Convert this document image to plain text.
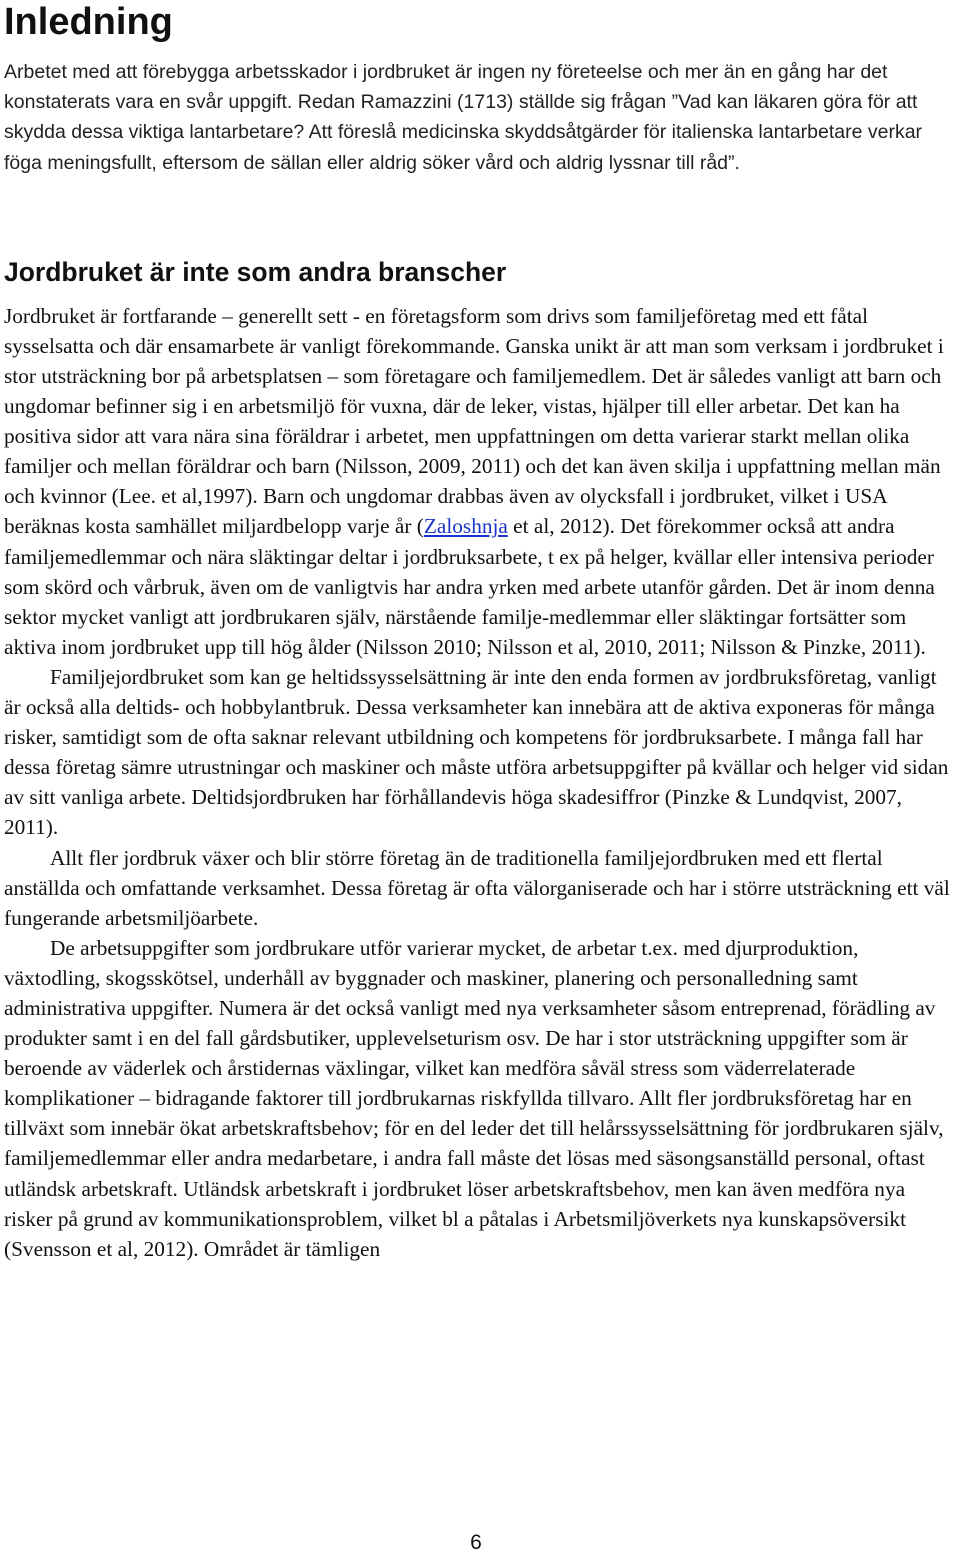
Inledning

Arbetet med att förebygga arbetsskador i jordbruket är ingen ny företeelse och mer än en gång har det konstaterats vara en svår uppgift. Redan Ramazzini (1713) ställde sig frågan ”Vad kan läkaren göra för att skydda dessa viktiga lantarbetare? Att föreslå medicinska skyddsåtgärder för italienska lantarbetare verkar föga meningsfullt, eftersom de sällan eller aldrig söker vård och aldrig lyssnar till råd”.

Jordbruket är inte som andra branscher

Jordbruket är fortfarande – generellt sett - en företagsform som drivs som familjeföretag med ett fåtal sysselsatta och där ensamarbete är vanligt förekommande. Ganska unikt är att man som verksam i jordbruket i stor utsträckning bor på arbetsplatsen – som företagare och familjemedlem. Det är således vanligt att barn och ungdomar befinner sig i en arbetsmiljö för vuxna, där de leker, vistas, hjälper till eller arbetar. Det kan ha positiva sidor att vara nära sina föräldrar i arbetet, men uppfattningen om detta varierar starkt mellan olika familjer och mellan föräldrar och barn (Nilsson, 2009, 2011) och det kan även skilja i uppfattning mellan män och kvinnor (Lee. et al,1997). Barn och ungdomar drabbas även av olycksfall i jordbruket, vilket i USA beräknas kosta samhället miljardbelopp varje år (Zaloshnja et al, 2012). Det förekommer också att andra familjemedlemmar och nära släktingar deltar i jordbruksarbete, t ex på helger, kvällar eller intensiva perioder som skörd och vårbruk, även om de vanligtvis har andra yrken med arbete utanför gården. Det är inom denna sektor mycket vanligt att jordbrukaren själv, närstående familje-medlemmar eller släktingar fortsätter som aktiva inom jordbruket upp till hög ålder (Nilsson 2010; Nilsson et al, 2010, 2011; Nilsson & Pinzke, 2011).

Familjejordbruket som kan ge heltidssysselsättning är inte den enda formen av jordbruksföretag, vanligt är också alla deltids- och hobbylantbruk. Dessa verksamheter kan innebära att de aktiva exponeras för många risker, samtidigt som de ofta saknar relevant utbildning och kompetens för jordbruksarbete. I många fall har dessa företag sämre utrustningar och maskiner och måste utföra arbetsuppgifter på kvällar och helger vid sidan av sitt vanliga arbete. Deltidsjordbruken har förhållandevis höga skadesiffror (Pinzke & Lundqvist, 2007, 2011).

Allt fler jordbruk växer och blir större företag än de traditionella familjejordbruken med ett flertal anställda och omfattande verksamhet. Dessa företag är ofta välorganiserade och har i större utsträckning ett väl fungerande arbetsmiljöarbete.

De arbetsuppgifter som jordbrukare utför varierar mycket, de arbetar t.ex. med djurproduktion, växtodling, skogsskötsel, underhåll av byggnader och maskiner, planering och personalledning samt administrativa uppgifter. Numera är det också vanligt med nya verksamheter såsom entreprenad, förädling av produkter samt i en del fall gårdsbutiker, upplevelseturism osv. De har i stor utsträckning uppgifter som är beroende av väderlek och årstidernas växlingar, vilket kan medföra såväl stress som väderrelaterade komplikationer – bidragande faktorer till jordbrukarnas riskfyllda tillvaro. Allt fler jordbruksföretag har en tillväxt som innebär ökat arbetskraftsbehov; för en del leder det till helårssysselsättning för jordbrukaren själv, familjemedlemmar eller andra medarbetare, i andra fall måste det lösas med säsongsanställd personal, oftast utländsk arbetskraft. Utländsk arbetskraft i jordbruket löser arbetskraftsbehov, men kan även medföra nya risker på grund av kommunikationsproblem, vilket bl a påtalas i Arbetsmiljöverkets nya kunskapsöversikt (Svensson et al, 2012). Området är tämligen

6
